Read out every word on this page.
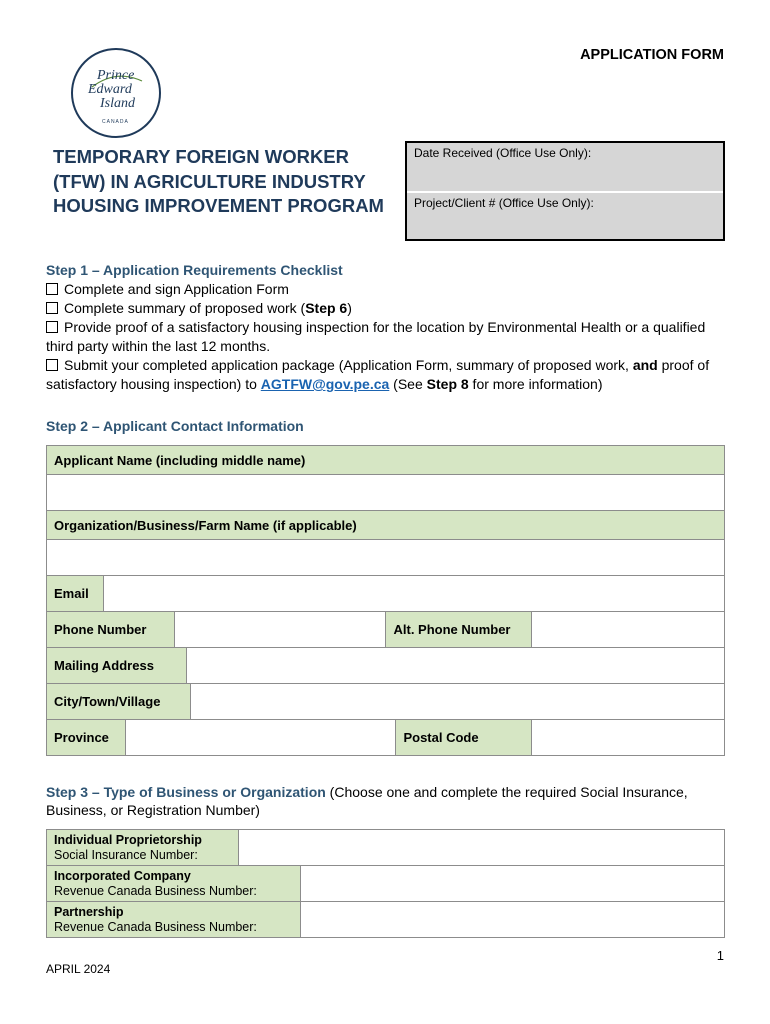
Prince
Edward
Island
CANADA
APPLICATION FORM
TEMPORARY FOREIGN WORKER (TFW) IN AGRICULTURE INDUSTRY HOUSING IMPROVEMENT PROGRAM
Date Received (Office Use Only):
Project/Client # (Office Use Only):
Step 1 – Application Requirements Checklist
Complete and sign Application Form
Complete summary of proposed work (Step 6)
Provide proof of a satisfactory housing inspection for the location by Environmental Health or a qualified third party within the last 12 months.
Submit your completed application package (Application Form, summary of proposed work, and proof of satisfactory housing inspection) to AGTFW@gov.pe.ca (See Step 8 for more information)
Step 2 – Applicant Contact Information
Applicant Name (including middle name)								

Organization/Business/Farm Name (if applicable)								

Email								
Phone Number						Alt. Phone Number		
Mailing Address								
City/Town/Village								
Province							Postal Code	
Step 3 – Type of Business or Organization (Choose one and complete the required Social Insurance, Business, or Registration Number)
Individual Proprietorship
Social Insurance Number:		
Incorporated Company
Revenue Canada Business Number:		
Partnership
Revenue Canada Business Number:		
1
APRIL 2024
